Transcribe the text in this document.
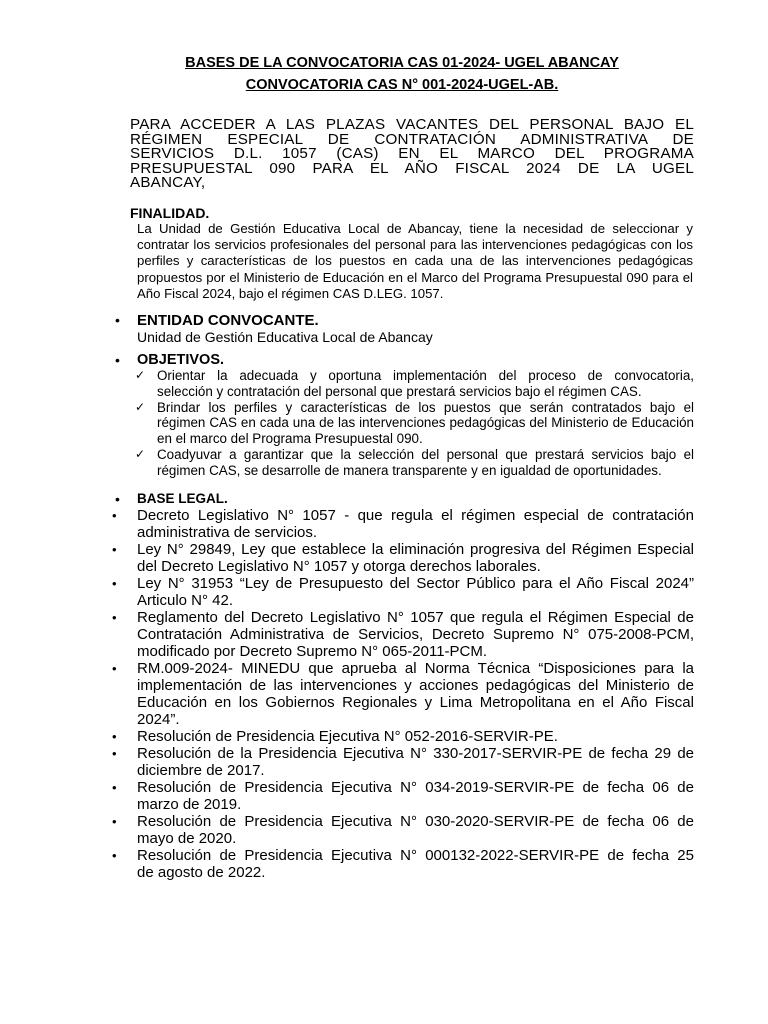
BASES DE LA CONVOCATORIA CAS 01-2024- UGEL ABANCAY
CONVOCATORIA CAS N° 001-2024-UGEL-AB.
PARA ACCEDER A LAS PLAZAS VACANTES DEL PERSONAL BAJO EL
RÉGIMEN ESPECIAL DE CONTRATACIÓN ADMINISTRATIVA DE
SERVICIOS D.L. 1057 (CAS) EN EL MARCO DEL PROGRAMA
PRESUPUESTAL 090 PARA EL AÑO FISCAL 2024 DE LA UGEL
ABANCAY,
FINALIDAD.
La Unidad de Gestión Educativa Local de Abancay, tiene la necesidad de seleccionar y
contratar los servicios profesionales del personal para las intervenciones pedagógicas con los
perfiles y características de los puestos en cada una de las intervenciones pedagógicas
propuestos por el Ministerio de Educación en el Marco del Programa Presupuestal 090 para el
Año Fiscal 2024, bajo el régimen CAS D.LEG. 1057.
• ENTIDAD CONVOCANTE.
Unidad de Gestión Educativa Local de Abancay
• OBJETIVOS.
✓ Orientar la adecuada y oportuna implementación del proceso de convocatoria,
selección y contratación del personal que prestará servicios bajo el régimen CAS.
✓ Brindar los perfiles y características de los puestos que serán contratados bajo el
régimen CAS en cada una de las intervenciones pedagógicas del Ministerio de Educación
en el marco del Programa Presupuestal 090.
✓ Coadyuvar a garantizar que la selección del personal que prestará servicios bajo el
régimen CAS, se desarrolle de manera transparente y en igualdad de oportunidades.
• BASE LEGAL.
• Decreto Legislativo N° 1057 - que regula el régimen especial de contratación
administrativa de servicios.
• Ley N° 29849, Ley que establece la eliminación progresiva del Régimen Especial
del Decreto Legislativo N° 1057 y otorga derechos laborales.
• Ley N° 31953 “Ley de Presupuesto del Sector Público para el Año Fiscal 2024”
Articulo N° 42.
• Reglamento del Decreto Legislativo N° 1057 que regula el Régimen Especial de
Contratación Administrativa de Servicios, Decreto Supremo N° 075-2008-PCM,
modificado por Decreto Supremo N° 065-2011-PCM.
• RM.009-2024- MINEDU que aprueba al Norma Técnica “Disposiciones para la
implementación de las intervenciones y acciones pedagógicas del Ministerio de
Educación en los Gobiernos Regionales y Lima Metropolitana en el Año Fiscal
2024”.
• Resolución de Presidencia Ejecutiva N° 052-2016-SERVIR-PE.
• Resolución de la Presidencia Ejecutiva N° 330-2017-SERVIR-PE de fecha 29 de
diciembre de 2017.
• Resolución de Presidencia Ejecutiva N° 034-2019-SERVIR-PE de fecha 06 de
marzo de 2019.
• Resolución de Presidencia Ejecutiva N° 030-2020-SERVIR-PE de fecha 06 de
mayo de 2020.
• Resolución de Presidencia Ejecutiva N° 000132-2022-SERVIR-PE de fecha 25
de agosto de 2022.
